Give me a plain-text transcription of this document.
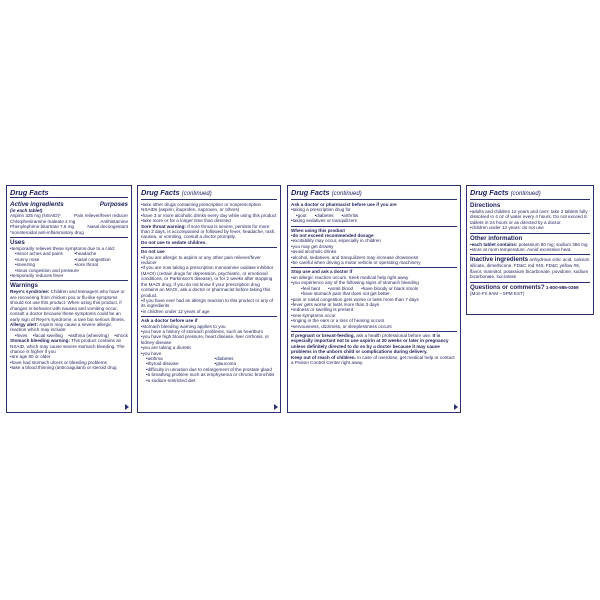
Drug Facts
Active ingredients
(in each tablet)
Purposes
Aspirin 325 mg (NSAID)*	Pain reliever/fever reducer
Chlorpheniramine maleate 2 mg	Antihistamine
Phenylephrine bitartrate 7.8 mg	Nasal decongestant
*nonsteroidal anti-inflammatory drug
Uses
• temporarily relieves these symptoms due to a cold:
• minor aches and pains
• runny nose
• sneezing
• headache
• nasal congestion
• sore throat
• sinus congestion and pressure
• temporarily reduces fever
Warnings
Reye's syndrome: Children and teenagers who have or are recovering from chicken pox or flu-like symptoms should not use this product. When using this product, if changes in behavior with nausea and vomiting occur, consult a doctor because these symptoms could be an early sign of Reye's syndrome, a rare but serious illness.
Allergy alert: Aspirin may cause a severe allergic reaction which may include:
• hives	• facial swelling	• asthma (wheezing)	• shock
Stomach bleeding warning: This product contains an NSAID, which may cause severe stomach bleeding. The chance is higher if you
• are age 60 or older
• have had stomach ulcers or bleeding problems
• take a blood thinning (anticoagulant) or steroid drug
Drug Facts (continued)
• take other drugs containing prescription or nonprescription NSAIDs (aspirin, ibuprofen, naproxen, or others)
• have 3 or more alcoholic drinks every day while using this product
• take more or for a longer time than directed
Sore throat warning: If sore throat is severe, persists for more than 2 days, is accompanied or followed by fever, headache, rash, nausea, or vomiting, consult a doctor promptly.
Do not use to sedate children.
Do not use
• if you are allergic to aspirin or any other pain reliever/fever reducer
• if you are now taking a prescription monoamine oxidase inhibitor (MAOI) (certain drugs for depression, psychiatric, or emotional conditions, or Parkinson's disease), or for 2 weeks after stopping the MAOI drug. If you do not know if your prescription drug contains an MAOI, ask a doctor or pharmacist before taking this product.
• if you have ever had an allergic reaction to this product or any of its ingredients
• in children under 12 years of age
Ask a doctor before use if
• stomach bleeding warning applies to you
• you have a history of stomach problems, such as heartburn
• you have high blood pressure, heart disease, liver cirrhosis, or kidney disease
• you are taking a diuretic
• you have
• asthma
• thyroid disease
• diabetes
• glaucoma
• difficulty in urination due to enlargement of the prostate gland
• a breathing problem such as emphysema or chronic bronchitis
• a sodium-restricted diet
Drug Facts (continued)
Ask a doctor or pharmacist before use if you are
• taking a prescription drug for
• gout	• diabetes	• arthritis
• taking sedatives or tranquilizers
When using this product
• do not exceed recommended dosage
• excitability may occur, especially in children
• you may get drowsy
• avoid alcoholic drinks
• alcohol, sedatives, and tranquilizers may increase drowsiness
• be careful when driving a motor vehicle or operating machinery
Stop use and ask a doctor if
• an allergic reaction occurs. Seek medical help right away
• you experience any of the following signs of stomach bleeding
• feel faint	• vomit blood	• have bloody or black stools
• have stomach pain that does not get better
• pain or nasal congestion gets worse or lasts more than 7 days
• fever gets worse or lasts more than 3 days
• redness or swelling is present
• new symptoms occur
• ringing in the ears or a loss of hearing occurs
• nervousness, dizziness, or sleeplessness occurs
If pregnant or breast-feeding, ask a health professional before use. It is especially important not to use aspirin at 20 weeks or later in pregnancy unless definitely directed to do so by a doctor because it may cause problems in the unborn child or complications during delivery.
Keep out of reach of children. In case of overdose, get medical help or contact a Poison Control Center right away.
Drug Facts (continued)
Directions
• adults and children 12 years and over: take 2 tablets fully dissolved in 4 oz of water every 4 hours. Do not exceed 8 tablets in 24 hours or as directed by a doctor.
• children under 12 years: do not use
Other information
• each tablet contains: potassium 80 mg; sodium 366 mg
• store at room temperature. Avoid excessive heat.
Inactive ingredients anhydrous citric acid, calcium silicate, dimethicone, FD&C red #40, FD&C yellow #6, flavor, mannitol, potassium bicarbonate, povidone, sodium bicarbonate, sucralose
Questions or comments? 1-800-986-0369
(Mon-Fri 9AM – 5PM EST)
